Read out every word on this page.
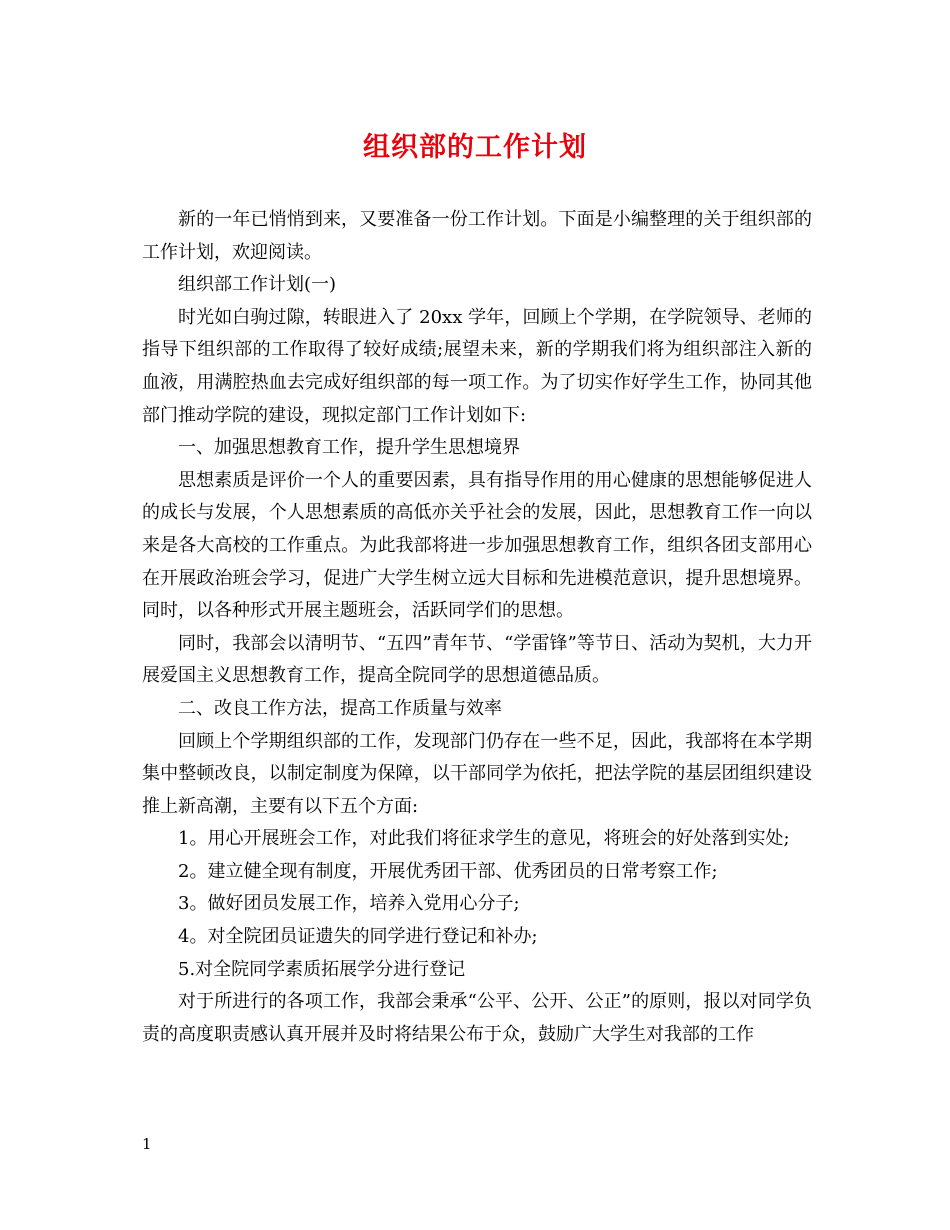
组织部的工作计划

新的一年已悄悄到来，又要准备一份工作计划。下面是小编整理的关于组织部的工作计划，欢迎阅读。

组织部工作计划(一)

时光如白驹过隙，转眼进入了 20xx 学年，回顾上个学期，在学院领导、老师的指导下组织部的工作取得了较好成绩;展望未来，新的学期我们将为组织部注入新的血液，用满腔热血去完成好组织部的每一项工作。为了切实作好学生工作，协同其他部门推动学院的建设，现拟定部门工作计划如下:

一、加强思想教育工作，提升学生思想境界

思想素质是评价一个人的重要因素，具有指导作用的用心健康的思想能够促进人的成长与发展，个人思想素质的高低亦关乎社会的发展，因此，思想教育工作一向以来是各大高校的工作重点。为此我部将进一步加强思想教育工作，组织各团支部用心在开展政治班会学习，促进广大学生树立远大目标和先进模范意识，提升思想境界。同时，以各种形式开展主题班会，活跃同学们的思想。

同时，我部会以清明节、“五四”青年节、“学雷锋”等节日、活动为契机，大力开展爱国主义思想教育工作，提高全院同学的思想道德品质。

二、改良工作方法，提高工作质量与效率

回顾上个学期组织部的工作，发现部门仍存在一些不足，因此，我部将在本学期集中整顿改良，以制定制度为保障，以干部同学为依托，把法学院的基层团组织建设推上新高潮，主要有以下五个方面:

1。用心开展班会工作，对此我们将征求学生的意见，将班会的好处落到实处;

2。建立健全现有制度，开展优秀团干部、优秀团员的日常考察工作;

3。做好团员发展工作，培养入党用心分子;

4。对全院团员证遗失的同学进行登记和补办;

5.对全院同学素质拓展学分进行登记

对于所进行的各项工作，我部会秉承“公平、公开、公正”的原则，报以对同学负责的高度职责感认真开展并及时将结果公布于众，鼓励广大学生对我部的工作

1
